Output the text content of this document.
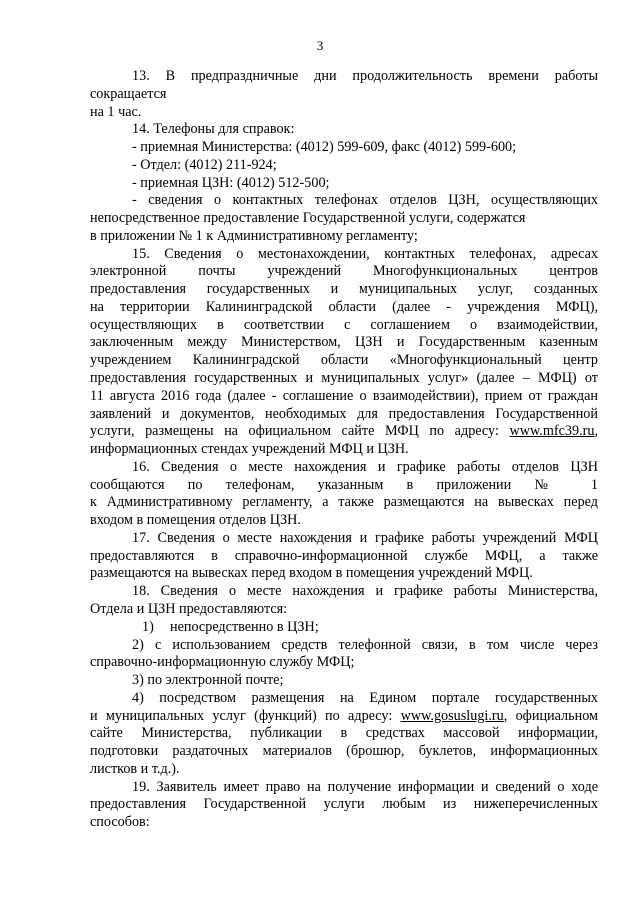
3
13. В предпраздничные дни продолжительность времени работы
сокращается
на 1 час.
14. Телефоны для справок:
- приемная Министерства: (4012) 599-609, факс (4012) 599-600;
- Отдел: (4012) 211-924;
- приемная ЦЗН: (4012) 512-500;
- сведения о контактных телефонах отделов ЦЗН, осуществляющих
непосредственное предоставление Государственной услуги, содержатся
в приложении № 1 к Административному регламенту;
15. Сведения о местонахождении, контактных телефонах, адресах
электронной почты учреждений Многофункциональных центров
предоставления государственных и муниципальных услуг, созданных
на территории Калининградской области (далее - учреждения МФЦ),
осуществляющих в соответствии с соглашением о взаимодействии,
заключенным между Министерством, ЦЗН и Государственным казенным
учреждением Калининградской области «Многофункциональный центр
предоставления государственных и муниципальных услуг» (далее – МФЦ) от
11 августа 2016 года (далее - соглашение о взаимодействии), прием от граждан
заявлений и документов, необходимых для предоставления Государственной
услуги, размещены на официальном сайте МФЦ по адресу: www.mfc39.ru,
информационных стендах учреждений МФЦ и ЦЗН.
16. Сведения о месте нахождения и графике работы отделов ЦЗН
сообщаются по телефонам, указанным в приложении № 1
к Административному регламенту, а также размещаются на вывесках перед
входом в помещения отделов ЦЗН.
17. Сведения о месте нахождения и графике работы учреждений МФЦ
предоставляются в справочно-информационной службе МФЦ, а также
размещаются на вывесках перед входом в помещения учреждений МФЦ.
18. Сведения о месте нахождения и графике работы Министерства,
Отдела и ЦЗН предоставляются:
1) непосредственно в ЦЗН;
2) с использованием средств телефонной связи, в том числе через
справочно-информационную службу МФЦ;
3) по электронной почте;
4) посредством размещения на Едином портале государственных
и муниципальных услуг (функций) по адресу: www.gosuslugi.ru, официальном
сайте Министерства, публикации в средствах массовой информации,
подготовки раздаточных материалов (брошюр, буклетов, информационных
листков и т.д.).
19. Заявитель имеет право на получение информации и сведений о ходе
предоставления Государственной услуги любым из нижеперечисленных
способов:
